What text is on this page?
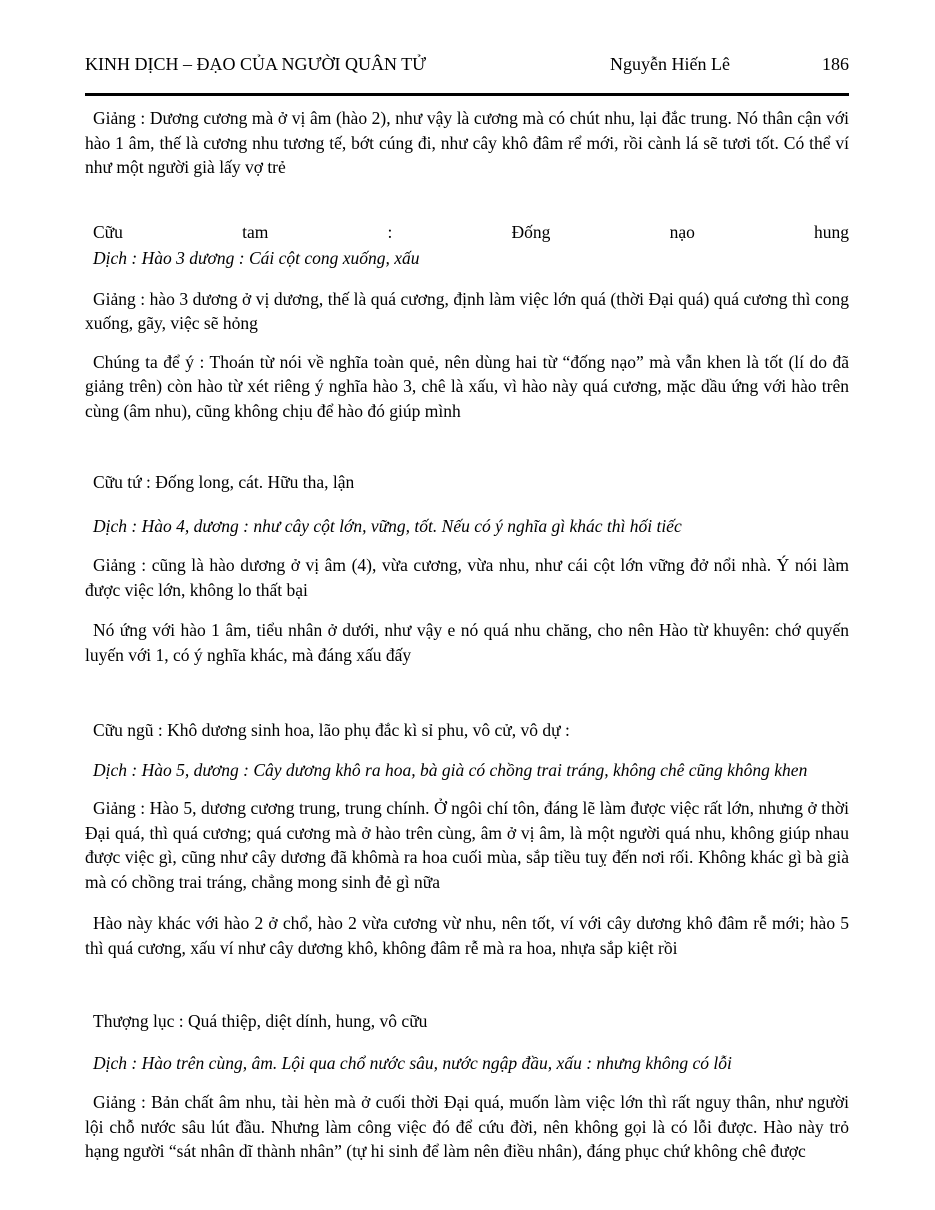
KINH DỊCH – ĐẠO CỦA NGƯỜI QUÂN TỬ	Nguyễn Hiến Lê	186

Giảng : Dương cương mà ở vị âm (hào 2), như vậy là cương mà có chút nhu, lại đắc trung. Nó thân cận với hào 1 âm, thế là cương nhu tương tế, bớt cúng đi, như cây khô đâm rể mới, rồi cành lá sẽ tươi tốt. Có thể ví như một người già lấy vợ trẻ

Cữu	tam	:	Đống	nạo	hung

Dịch : Hào 3 dương : Cái cột cong xuống, xấu

Giảng : hào 3 dương ở vị dương, thế là quá cương, định làm việc lớn quá (thời Đại quá) quá cương thì cong xuống, gãy, việc sẽ hỏng

Chúng ta để ý : Thoán từ nói về nghĩa toàn quẻ, nên dùng hai từ “đống nạo” mà vẫn khen là tốt (lí do đã giảng trên) còn hào từ xét riêng ý nghĩa hào 3, chê là xấu, vì hào này quá cương, mặc dầu ứng với hào trên cùng (âm nhu), cũng không chịu để hào đó giúp mình

Cữu tứ : Đống long, cát. Hữu tha, lận

Dịch : Hào 4, dương : như cây cột lớn, vững, tốt. Nếu có ý nghĩa gì khác thì hối tiếc

Giảng : cũng là hào dương ở vị âm (4), vừa cương, vừa nhu, như cái cột lớn vững đở nổi nhà. Ý nói làm được việc lớn, không lo thất bại

Nó ứng với hào 1 âm, tiểu nhân ở dưới, như vậy e nó quá nhu chăng, cho nên Hào từ khuyên: chớ quyến luyến với 1, có ý nghĩa khác, mà đáng xấu đấy

Cữu ngũ : Khô dương sinh hoa, lão phụ đắc kì sỉ phu, vô cử, vô dự :

Dịch : Hào 5, dương : Cây dương khô ra hoa, bà già có chồng trai tráng, không chê cũng không khen

Giảng : Hào 5, dương cương trung, trung chính. Ở ngôi chí tôn, đáng lẽ làm được việc rất lớn, nhưng ở thời Đại quá, thì quá cương; quá cương mà ở hào trên cùng, âm ở vị âm, là một người quá nhu, không giúp nhau được việc gì, cũng như cây dương đã khômà ra hoa cuối mùa, sắp tiều tuỵ đến nơi rối. Không khác gì bà già mà có chồng trai tráng, chẳng mong sinh đẻ gì nữa

Hào này khác với hào 2 ở chổ, hào 2 vừa cương vừ nhu, nên tốt, ví với cây dương khô đâm rễ mới; hào 5 thì quá cương, xấu ví như cây dương khô, không đâm rễ mà ra hoa, nhựa sắp kiệt rồi

Thượng lục : Quá thiệp, diệt dính, hung, vô cữu

Dịch : Hào trên cùng, âm. Lội qua chổ nước sâu, nước ngập đầu, xấu : nhưng không có lỗi

Giảng : Bản chất âm nhu, tài hèn mà ở cuối thời Đại quá, muốn làm việc lớn thì rất nguy thân, như người lội chỗ nước sâu lút đầu. Nhưng làm công việc đó để cứu đời, nên không gọi là có lỗi được. Hào này trỏ hạng người “sát nhân dĩ thành nhân” (tự hi sinh để làm nên điều nhân), đáng phục chứ không chê được
